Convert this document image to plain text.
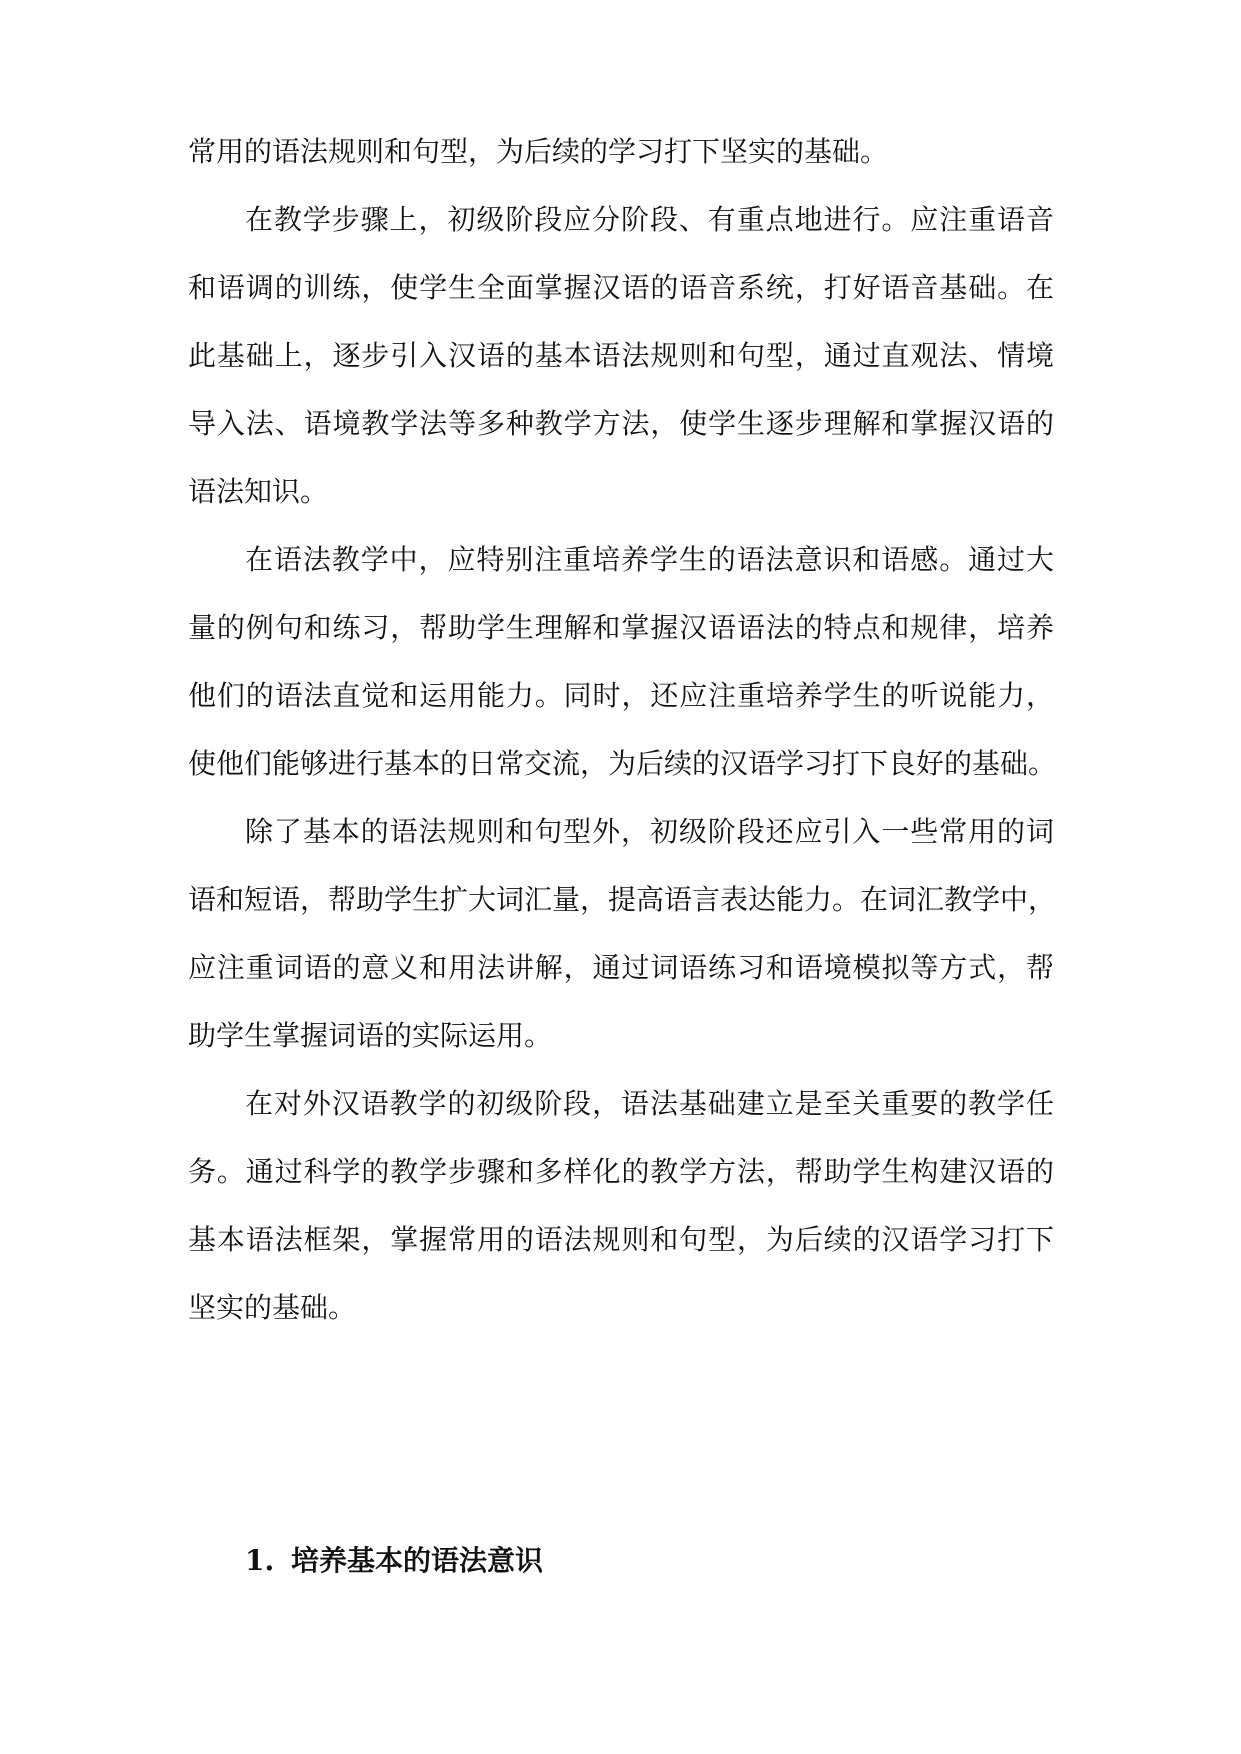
常用的语法规则和句型，为后续的学习打下坚实的基础。
在教学步骤上，初级阶段应分阶段、有重点地进行。应注重语音
和语调的训练，使学生全面掌握汉语的语音系统，打好语音基础。在
此基础上，逐步引入汉语的基本语法规则和句型，通过直观法、情境
导入法、语境教学法等多种教学方法，使学生逐步理解和掌握汉语的
语法知识。
在语法教学中，应特别注重培养学生的语法意识和语感。通过大
量的例句和练习，帮助学生理解和掌握汉语语法的特点和规律，培养
他们的语法直觉和运用能力。同时，还应注重培养学生的听说能力，
使他们能够进行基本的日常交流，为后续的汉语学习打下良好的基础。
除了基本的语法规则和句型外，初级阶段还应引入一些常用的词
语和短语，帮助学生扩大词汇量，提高语言表达能力。在词汇教学中，
应注重词语的意义和用法讲解，通过词语练习和语境模拟等方式，帮
助学生掌握词语的实际运用。
在对外汉语教学的初级阶段，语法基础建立是至关重要的教学任
务。通过科学的教学步骤和多样化的教学方法，帮助学生构建汉语的
基本语法框架，掌握常用的语法规则和句型，为后续的汉语学习打下
坚实的基础。
1. 培养基本的语法意识
